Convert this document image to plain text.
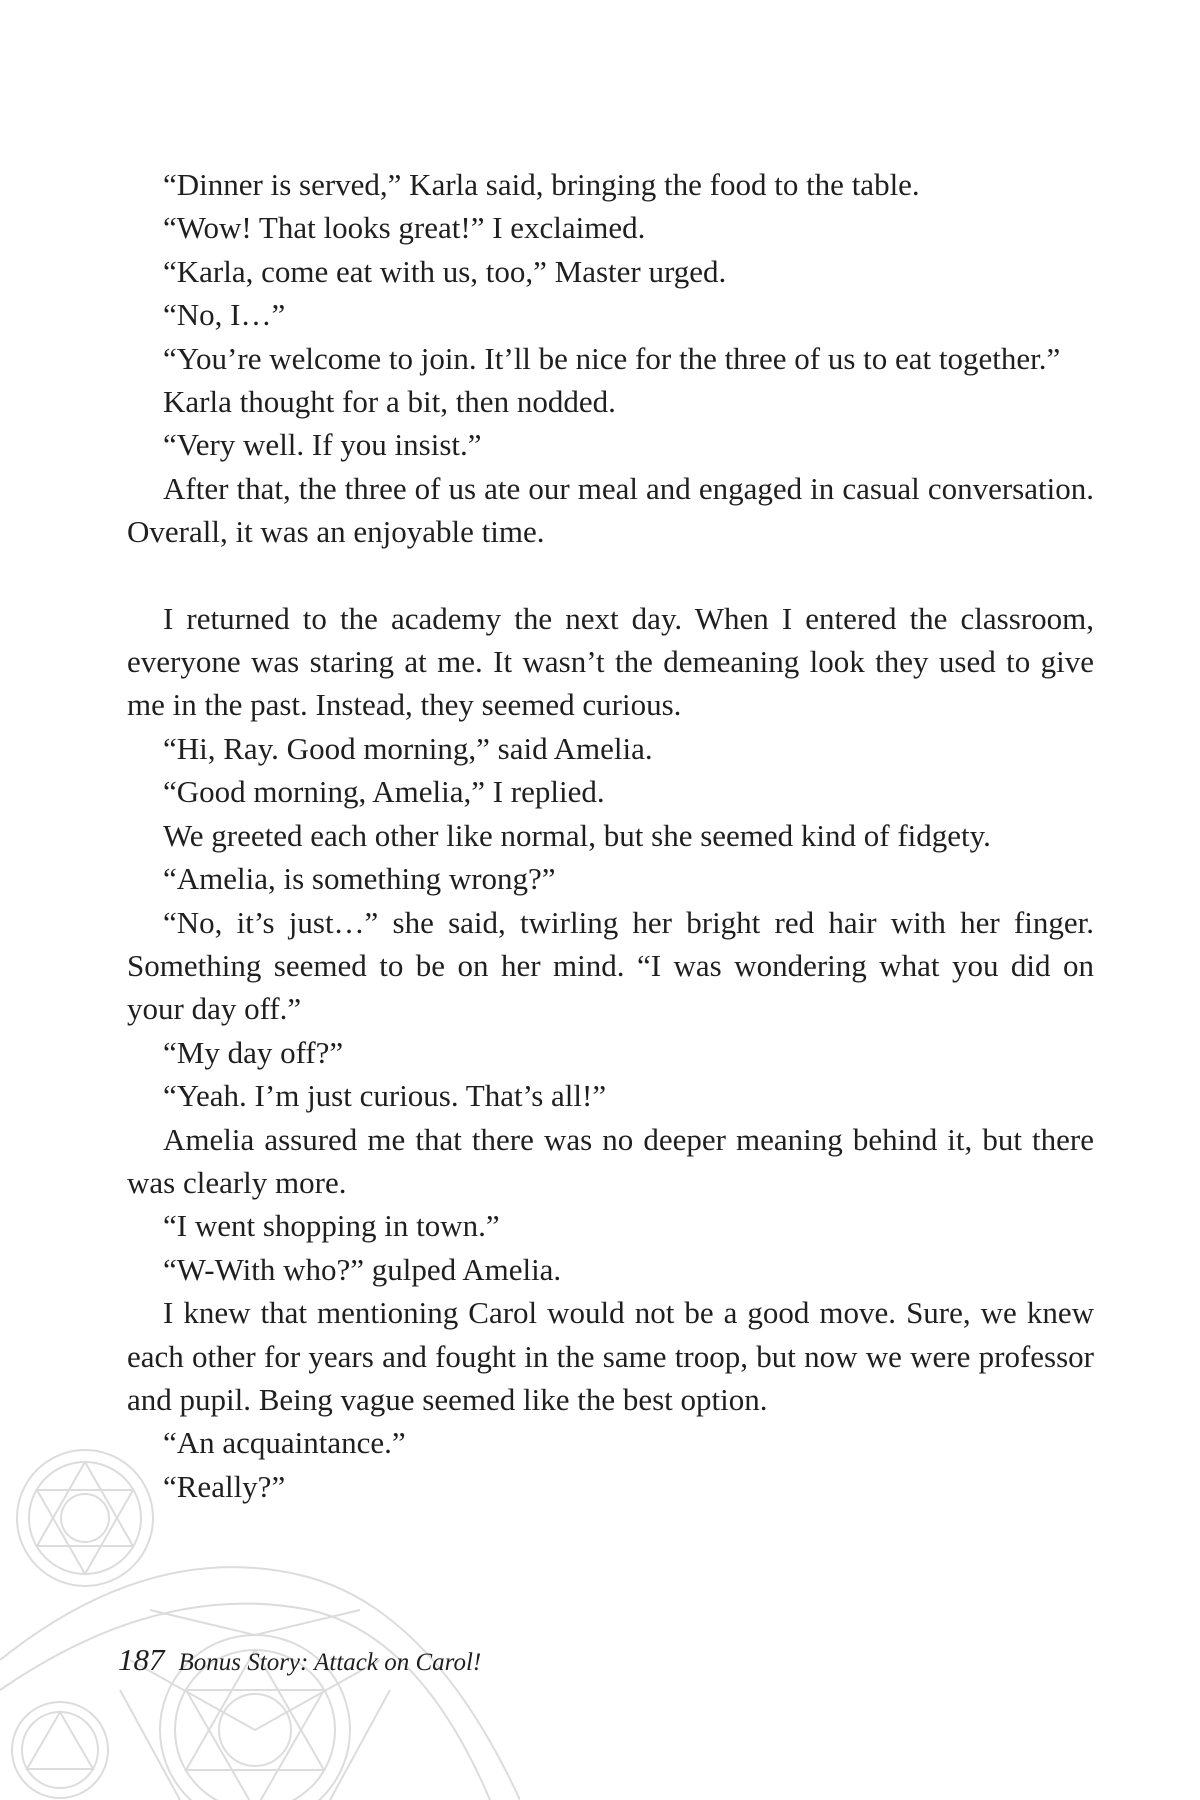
“Dinner is served,” Karla said, bringing the food to the table.

“Wow! That looks great!” I exclaimed.

“Karla, come eat with us, too,” Master urged.

“No, I…”

“You’re welcome to join. It’ll be nice for the three of us to eat together.”

Karla thought for a bit, then nodded.

“Very well. If you insist.”

After that, the three of us ate our meal and engaged in casual conversation. Overall, it was an enjoyable time.

I returned to the academy the next day. When I entered the classroom, everyone was staring at me. It wasn’t the demeaning look they used to give me in the past. Instead, they seemed curious.

“Hi, Ray. Good morning,” said Amelia.

“Good morning, Amelia,” I replied.

We greeted each other like normal, but she seemed kind of fidgety.

“Amelia, is something wrong?”

“No, it’s just…” she said, twirling her bright red hair with her finger. Something seemed to be on her mind. “I was wondering what you did on your day off.”

“My day off?”

“Yeah. I’m just curious. That’s all!”

Amelia assured me that there was no deeper meaning behind it, but there was clearly more.

“I went shopping in town.”

“W-With who?” gulped Amelia.

I knew that mentioning Carol would not be a good move. Sure, we knew each other for years and fought in the same troop, but now we were professor and pupil. Being vague seemed like the best option.

“An acquaintance.”

“Really?”

187 Bonus Story: Attack on Carol!
